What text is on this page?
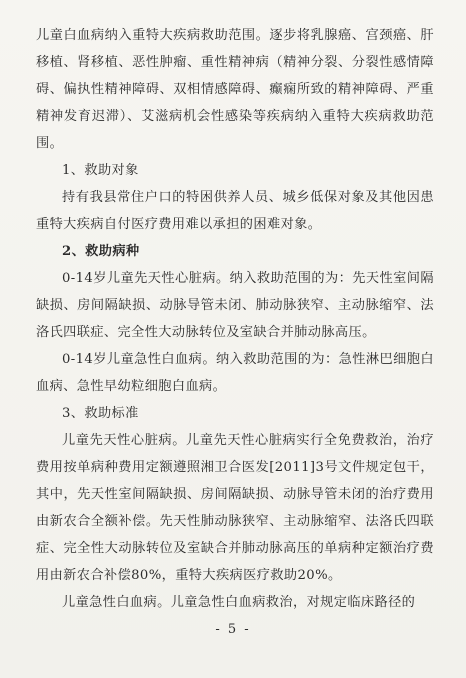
儿童白血病纳入重特大疾病救助范围。逐步将乳腺癌、宫颈癌、肝移植、肾移植、恶性肿瘤、重性精神病（精神分裂、分裂性感情障碍、偏执性精神障碍、双相情感障碍、癫痫所致的精神障碍、严重精神发育迟滞）、艾滋病机会性感染等疾病纳入重特大疾病救助范围。

1、救助对象

持有我县常住户口的特困供养人员、城乡低保对象及其他因患重特大疾病自付医疗费用难以承担的困难对象。

2、救助病种

0-14岁儿童先天性心脏病。纳入救助范围的为：先天性室间隔缺损、房间隔缺损、动脉导管未闭、肺动脉狭窄、主动脉缩窄、法洛氏四联症、完全性大动脉转位及室缺合并肺动脉高压。

0-14岁儿童急性白血病。纳入救助范围的为：急性淋巴细胞白血病、急性早幼粒细胞白血病。

3、救助标准

儿童先天性心脏病。儿童先天性心脏病实行全免费救治，治疗费用按单病种费用定额遵照湘卫合医发[2011]3号文件规定包干，其中，先天性室间隔缺损、房间隔缺损、动脉导管未闭的治疗费用由新农合全额补偿。先天性肺动脉狭窄、主动脉缩窄、法洛氏四联症、完全性大动脉转位及室缺合并肺动脉高压的单病种定额治疗费用由新农合补偿80%，重特大疾病医疗救助20%。

儿童急性白血病。儿童急性白血病救治，对规定临床路径的

- 5 -
